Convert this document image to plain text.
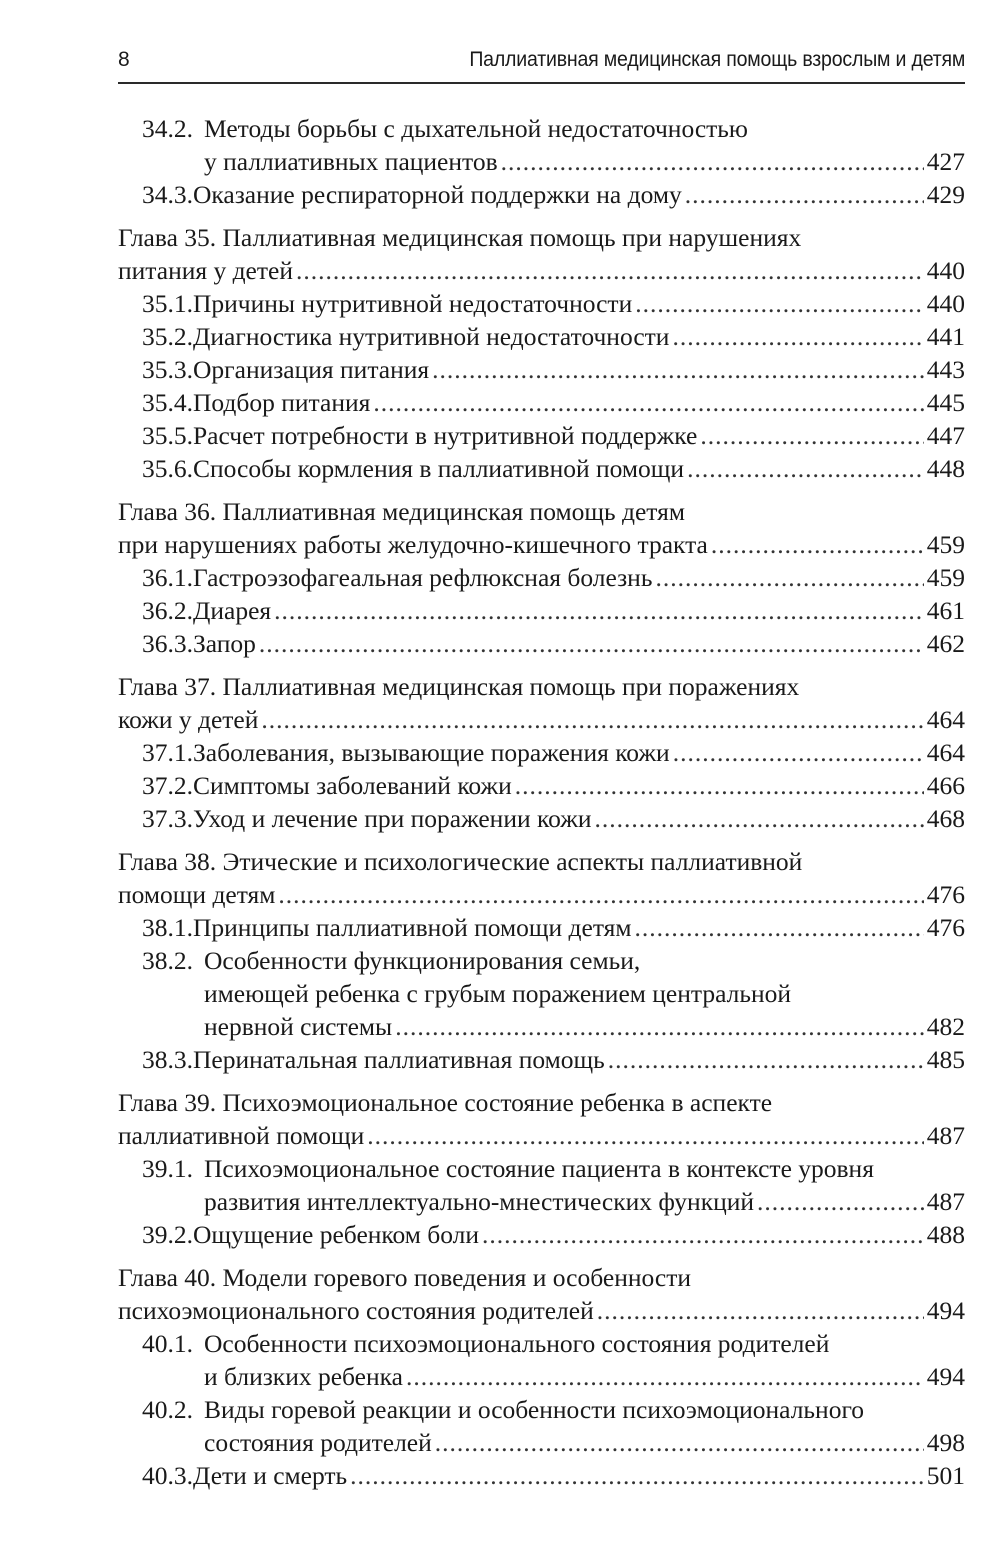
8	Паллиативная медицинская помощь взрослым и детям
34.2. Методы борьбы с дыхательной недостаточностью
у паллиативных пациентов .....	427
34.3. Оказание респираторной поддержки на дому .....	429
Глава 35. Паллиативная медицинская помощь при нарушениях
питания у детей .....	440
35.1. Причины нутритивной недостаточности .....	440
35.2. Диагностика нутритивной недостаточности .....	441
35.3. Организация питания .....	443
35.4. Подбор питания .....	445
35.5. Расчет потребности в нутритивной поддержке .....	447
35.6. Способы кормления в паллиативной помощи .....	448
Глава 36. Паллиативная медицинская помощь детям
при нарушениях работы желудочно-кишечного тракта .....	459
36.1. Гастроэзофагеальная рефлюксная болезнь .....	459
36.2. Диарея .....	461
36.3. Запор .....	462
Глава 37. Паллиативная медицинская помощь при поражениях
кожи у детей .....	464
37.1. Заболевания, вызывающие поражения кожи .....	464
37.2. Симптомы заболеваний кожи .....	466
37.3. Уход и лечение при поражении кожи .....	468
Глава 38. Этические и психологические аспекты паллиативной
помощи детям .....	476
38.1. Принципы паллиативной помощи детям .....	476
38.2. Особенности функционирования семьи,
имеющей ребенка с грубым поражением центральной
нервной системы .....	482
38.3. Перинатальная паллиативная помощь .....	485
Глава 39. Психоэмоциональное состояние ребенка в аспекте
паллиативной помощи .....	487
39.1. Психоэмоциональное состояние пациента в контексте уровня
развития интеллектуально-мнестических функций .....	487
39.2. Ощущение ребенком боли .....	488
Глава 40. Модели горевого поведения и особенности
психоэмоционального состояния родителей .....	494
40.1. Особенности психоэмоционального состояния родителей
и близких ребенка .....	494
40.2. Виды горевой реакции и особенности психоэмоционального
состояния родителей .....	498
40.3. Дети и смерть .....	501
